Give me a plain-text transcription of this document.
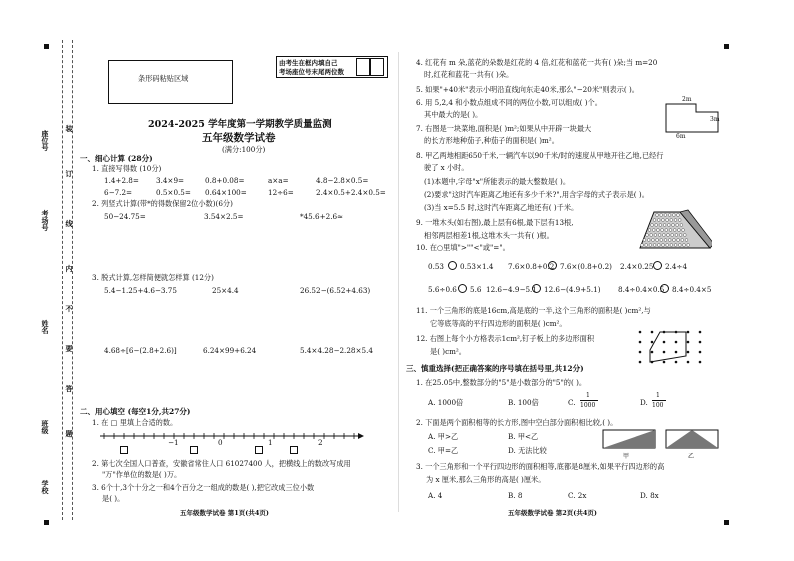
座位号
考场号
姓名
班级
学校
装
订
线
内
不
要
答
题
条形码粘贴区域
由考生在框内填自己
考场座位号末尾两位数
2024-2025 学年度第一学期教学质量监测
五年级数学试卷
(满分:100分)
一、细心计算 (28分)
1. 直接写得数 (10分)
1.4+2.8= 3.4×9=	0.8+0.08=	a×a=	4.8−2.8×0.5=
6−7.2=	0.5×0.5= 0.64×100=	12÷6=	2.4×0.5+2.4×0.5=
2. 列竖式计算(带*的得数保留2位小数)(6分)
50−24.75=	3.54×2.5=	*45.6+2.6≈
3. 脱式计算,怎样简便就怎样算 (12分)
5.4−1.25+4.6−3.75	25×4.4	26.52−(6.52+4.63)
4.68÷[6−(2.8+2.6)]	6.24×99+6.24	5.4×4.28−2.28×5.4
二、用心填空 (每空1分,共27分)
1. 在 □ 里填上合适的数。
−1	0	1	2
2. 第七次全国人口普查，安徽省常住人口 61027400 人，把横线上的数改写成用
"万"作单位的数是( )万。
3. 6个十,3个十分之一和4个百分之一组成的数是( ),把它改成三位小数
是( )。
五年级数学试卷 第1页(共4页)
4. 红花有 m 朵,蓝花的朵数是红花的 4 倍,红花和蓝花一共有( )朵;当 m=20
时,红花和蓝花一共有( )朵。
5. 如果"+40米"表示小明沿直线向东走40米,那么"−20米"则表示( )。
6. 用 5,2,4 和小数点组成不同的两位小数,可以组成( )个。
其中最大的是( )。
2m
6m
3m
7. 右图是一块菜地,面积是( )m²;如果从中开辟一块最大
的长方形地种茄子,种茄子的面积是( )m²。
8. 甲乙两地相距650千米,一辆汽车以90千米/时的速度从甲地开往乙地,已经行
驶了 x 小时。
(1)本题中,字母"x"所能表示的最大整数是( )。
(2)要求"这时汽车距离乙地还有多少千米?",用含字母的式子表示是( )。
(3)当 x=5.5 时,这时汽车距离乙地还有( )千米。
9. 一堆木头(如右图),最上层有6根,最下层有13根,
相邻两层相差1根,这堆木头一共有( )根。
10. 在○里填">""<"或"="。
0.53 0.53×1.4 7.6×0.8+0.2 7.6×(0.8+0.2) 2.4×0.25 2.4÷4
5.6÷0.6 5.6 12.6−4.9−5.1 12.6−(4.9+5.1) 8.4÷0.4×0.5 8.4÷0.4×5
11. 一个三角形的底是16cm,高是底的一半,这个三角形的面积是( )cm²,与
它等底等高的平行四边形的面积是( )cm²。
12. 右图上每个小方格表示1cm²,钉子板上的多边形面积
是( )cm²。
三、慎重选择(把正确答案的序号填在括号里,共12分)
1. 在25.05中,整数部分的"5"是小数部分的"5"的( )。
A. 1000倍	B. 100倍	C.
1
1000	D.
1
100
2. 下面是两个面积相等的长方形,图中空白部分面积相比较,( )。
A. 甲>乙	B. 甲<乙
C. 甲=乙	D. 无法比较
甲	乙
3. 一个三角形和一个平行四边形的面积相等,底都是8厘米,如果平行四边形的高
为 x 厘米,那么三角形的高是( )厘米。
A. 4	B. 8	C. 2x	D. 8x
五年级数学试卷 第2页(共4页)
